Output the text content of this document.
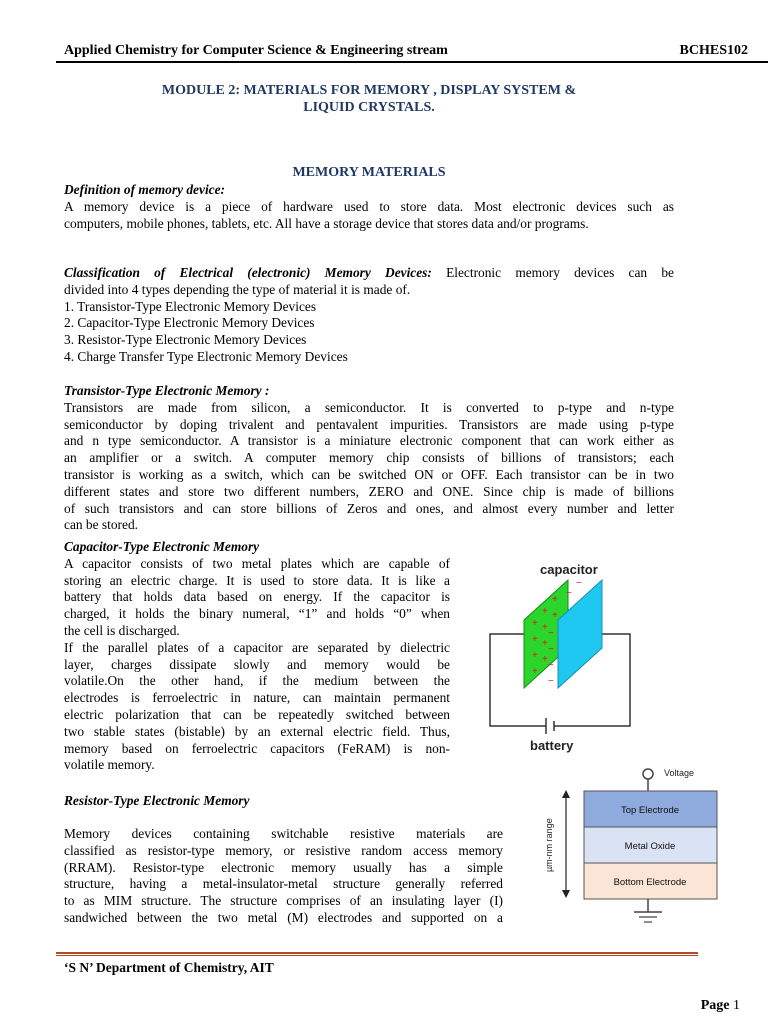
Applied Chemistry for Computer Science & Engineering stream	BCHES102
MODULE 2: MATERIALS FOR MEMORY , DISPLAY SYSTEM &
LIQUID CRYSTALS.
MEMORY MATERIALS
Definition of memory device:
A memory device is a piece of hardware used to store data. Most electronic devices such as
computers, mobile phones, tablets, etc. All have a storage device that stores data and/or programs.
Classification of Electrical (electronic) Memory Devices: Electronic memory devices can be
divided into 4 types depending the type of material it is made of.
1. Transistor-Type Electronic Memory Devices
2. Capacitor-Type Electronic Memory Devices
3. Resistor-Type Electronic Memory Devices
4. Charge Transfer Type Electronic Memory Devices
Transistor-Type Electronic Memory :
Transistors are made from silicon, a semiconductor. It is converted to p-type and n-type
semiconductor by doping trivalent and pentavalent impurities. Transistors are made using p-type
and n type semiconductor. A transistor is a miniature electronic component that can work either as
an amplifier or a switch. A computer memory chip consists of billions of transistors; each
transistor is working as a switch, which can be switched ON or OFF. Each transistor can be in two
different states and store two different numbers, ZERO and ONE. Since chip is made of billions
of such transistors and can store billions of Zeros and ones, and almost every number and letter
can be stored.
Capacitor-Type Electronic Memory
A capacitor consists of two metal plates which are capable of
storing an electric charge. It is used to store data. It is like a
battery that holds data based on energy. If the capacitor is
charged, it holds the binary numeral, “1” and holds “0” when
the cell is discharged.
If the parallel plates of a capacitor are separated by dielectric
layer, charges dissipate slowly and memory would be
volatile.On the other hand, if the medium between the
electrodes is ferroelectric in nature, can maintain permanent
electric polarization that can be repeatedly switched between
two stable states (bistable) by an external electric field. Thus,
memory based on ferroelectric capacitors (FeRAM) is non-
volatile memory.
capacitor
battery
+
+
+
+
+
+
+
+
+
+
−
−
−
−
−
−
Resistor-Type Electronic Memory
Memory devices containing switchable resistive materials are
classified as resistor-type memory, or resistive random access memory
(RRAM). Resistor-type electronic memory usually has a simple
structure, having a metal-insulator-metal structure generally referred
to as MIM structure. The structure comprises of an insulating layer (I)
sandwiched between the two metal (M) electrodes and supported on a
Voltage
µm-nm range
Top Electrode
Metal Oxide
Bottom Electrode
‘S N’ Department of Chemistry, AIT
Page 1
